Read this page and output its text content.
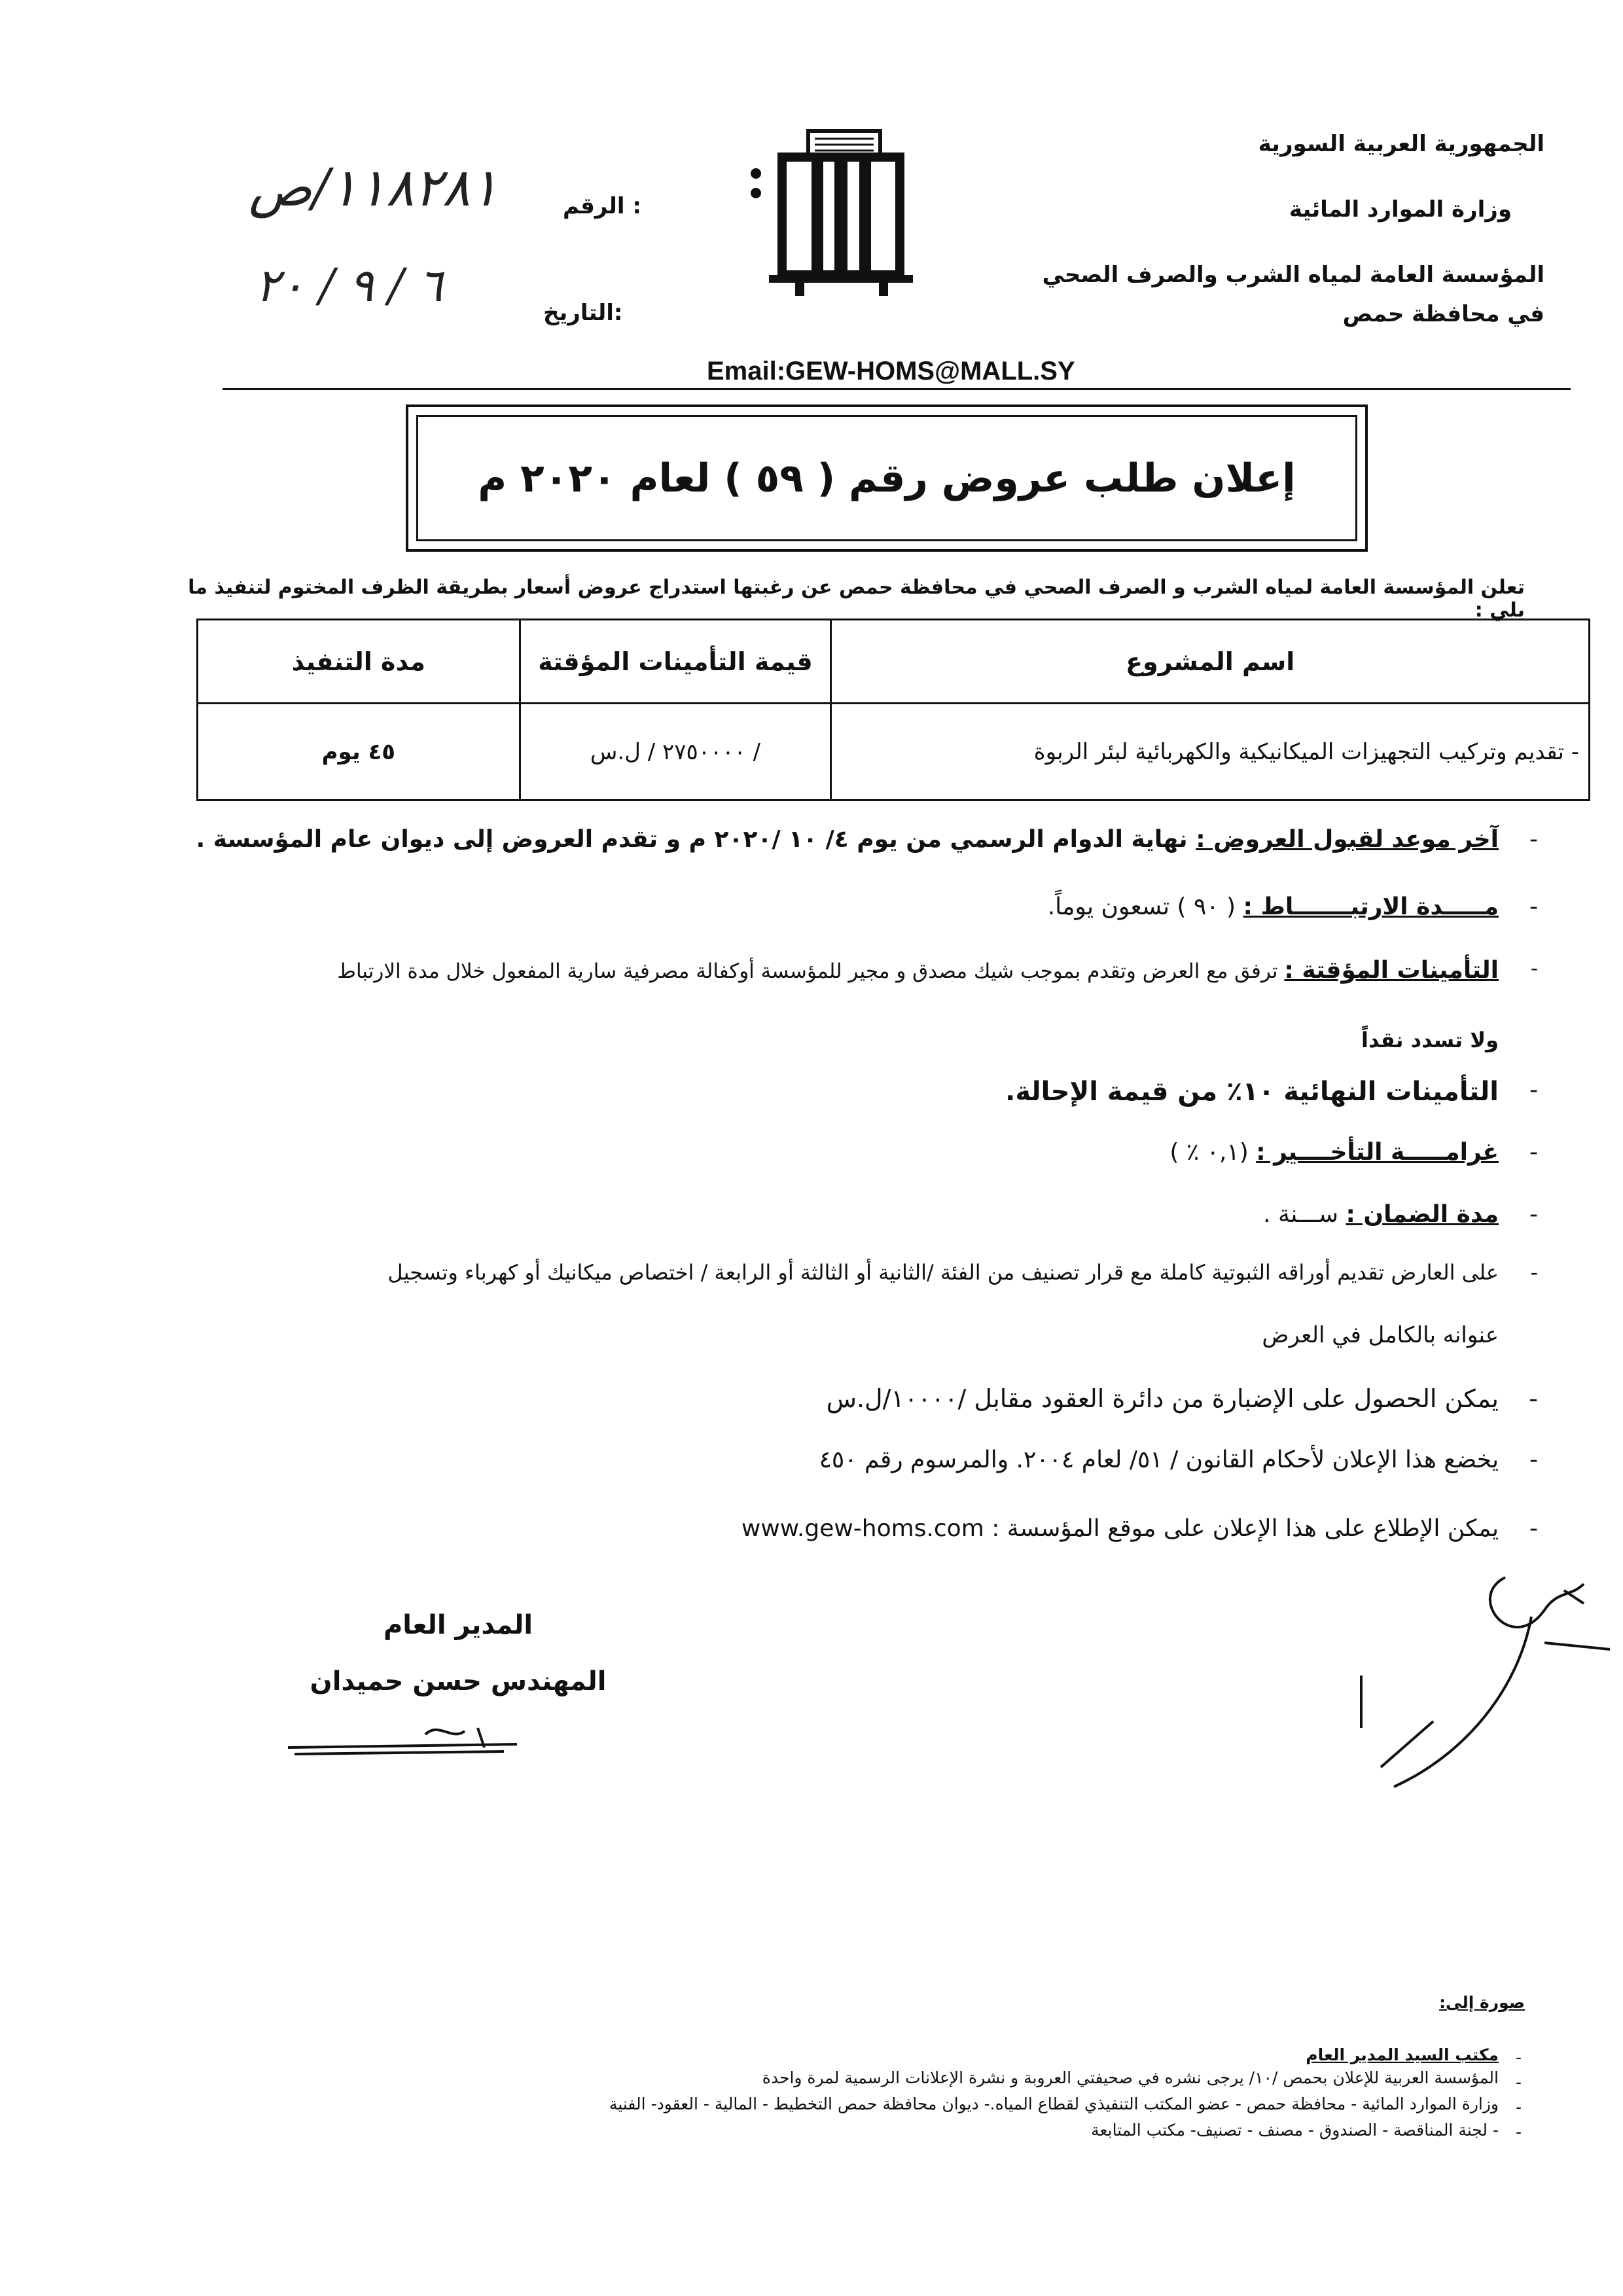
الجمهورية العربية السورية
وزارة الموارد المائية
المؤسسة العامة لمياه الشرب والصرف الصحي
في محافظة حمص
الرقم :
١١٨٢٨١/ص
التاريخ:
٦ / ٩ / ٢٠
Email:GEW-HOMS@MALL.SY
إعلان طلب عروض رقم ( ٥٩ ) لعام ٢٠٢٠ م
تعلن المؤسسة العامة لمياه الشرب و الصرف الصحي في محافظة حمص عن رغبتها استدراج عروض أسعار بطريقة الظرف المختوم لتنفيذ ما يلي :
اسم المشروع	قيمة التأمينات المؤقتة	مدة التنفيذ
- تقديم وتركيب التجهيزات الميكانيكية والكهربائية لبئر الربوة	/ ٢٧٥٠٠٠٠ / ل.س	٤٥ يوم
-
آخر موعد لقبول العروض : نهاية الدوام الرسمي من يوم ٤/ ١٠ /٢٠٢٠ م و تقدم العروض إلى ديوان عام المؤسسة .
-
مـــــدة الارتبـــــــاط : ( ٩٠ ) تسعون يوماً.
-
التأمينات المؤقتة : ترفق مع العرض وتقدم بموجب شيك مصدق و مجير للمؤسسة أوكفالة مصرفية سارية المفعول خلال مدة الارتباط
ولا تسدد نقداً
-
التأمينات النهائية ١٠٪ من قيمة الإحالة.
-
غرامـــــة التأخــــير : (٠,١ ٪ )
-
مدة الضمان : ســـنة .
-
على العارض تقديم أوراقه الثبوتية كاملة مع قرار تصنيف من الفئة /الثانية أو الثالثة أو الرابعة / اختصاص ميكانيك أو كهرباء وتسجيل
عنوانه بالكامل في العرض
-
يمكن الحصول على الإضبارة من دائرة العقود مقابل /١٠٠٠٠/ل.س
-
يخضع هذا الإعلان لأحكام القانون / ٥١/ لعام ٢٠٠٤. والمرسوم رقم ٤٥٠
-
يمكن الإطلاع على هذا الإعلان على موقع المؤسسة : www.gew-homs.com
المدير العام
المهندس حسن حميدان
صورة إلى:
مكتب السيد المدير العام
المؤسسة العربية للإعلان بحمص /١٠/ يرجى نشره في صحيفتي العروبة و نشرة الإعلانات الرسمية لمرة واحدة
وزارة الموارد المائية - محافظة حمص - عضو المكتب التنفيذي لقطاع المياه.- ديوان محافظة حمص التخطيط - المالية - العقود- الفنية
- لجنة المناقصة - الصندوق - مصنف - تصنيف- مكتب المتابعة
-
-
-
-
